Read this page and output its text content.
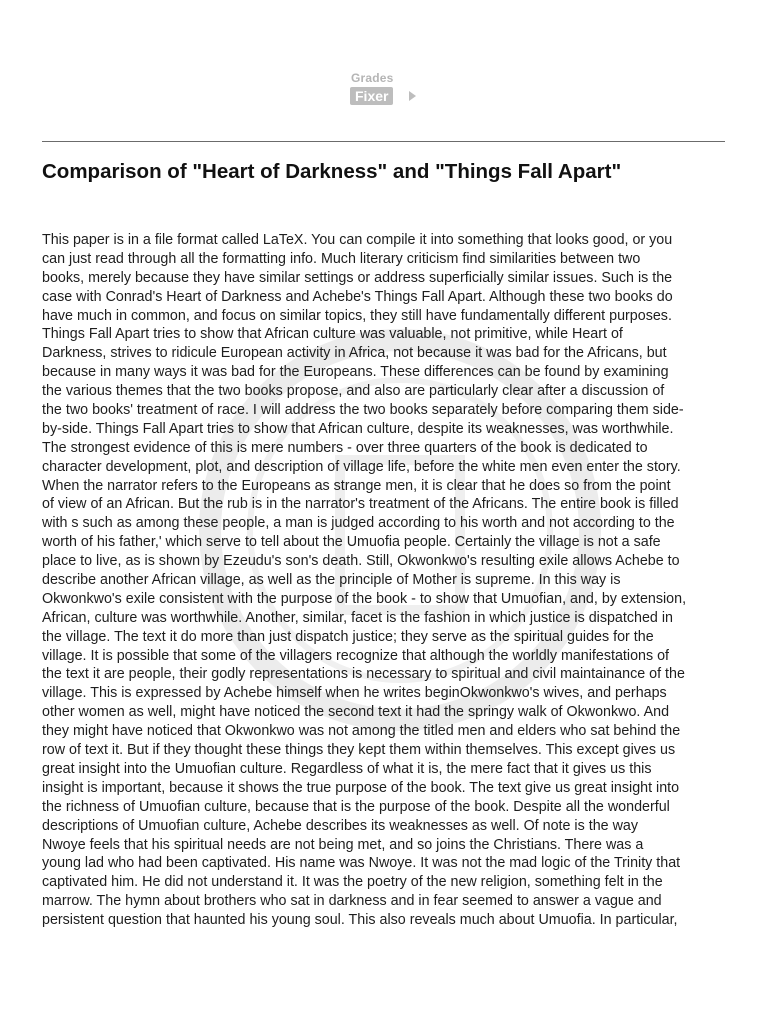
Grades
Fixer
Comparison of "Heart of Darkness" and "Things Fall Apart"
This paper is in a file format called LaTeX. You can compile it into something that looks good, or you
can just read through all the formatting info. Much literary criticism find similarities between two
books, merely because they have similar settings or address superficially similar issues. Such is the
case with Conrad's Heart of Darkness and Achebe's Things Fall Apart. Although these two books do
have much in common, and focus on similar topics, they still have fundamentally different purposes.
Things Fall Apart tries to show that African culture was valuable, not primitive, while Heart of
Darkness, strives to ridicule European activity in Africa, not because it was bad for the Africans, but
because in many ways it was bad for the Europeans. These differences can be found by examining
the various themes that the two books propose, and also are particularly clear after a discussion of
the two books' treatment of race. I will address the two books separately before comparing them side-
by-side. Things Fall Apart tries to show that African culture, despite its weaknesses, was worthwhile.
The strongest evidence of this is mere numbers - over three quarters of the book is dedicated to
character development, plot, and description of village life, before the white men even enter the story.
When the narrator refers to the Europeans as strange men, it is clear that he does so from the point
of view of an African. But the rub is in the narrator's treatment of the Africans. The entire book is filled
with s such as among these people, a man is judged according to his worth and not according to the
worth of his father,' which serve to tell about the Umuofia people. Certainly the village is not a safe
place to live, as is shown by Ezeudu's son's death. Still, Okwonkwo's resulting exile allows Achebe to
describe another African village, as well as the principle of Mother is supreme. In this way is
Okwonkwo's exile consistent with the purpose of the book - to show that Umuofian, and, by extension,
African, culture was worthwhile. Another, similar, facet is the fashion in which justice is dispatched in
the village. The text it do more than just dispatch justice; they serve as the spiritual guides for the
village. It is possible that some of the villagers recognize that although the worldly manifestations of
the text it are people, their godly representations is necessary to spiritual and civil maintainance of the
village. This is expressed by Achebe himself when he writes beginOkwonkwo's wives, and perhaps
other women as well, might have noticed the second text it had the springy walk of Okwonkwo. And
they might have noticed that Okwonkwo was not among the titled men and elders who sat behind the
row of text it. But if they thought these things they kept them within themselves. This except gives us
great insight into the Umuofian culture. Regardless of what it is, the mere fact that it gives us this
insight is important, because it shows the true purpose of the book. The text give us great insight into
the richness of Umuofian culture, because that is the purpose of the book. Despite all the wonderful
descriptions of Umuofian culture, Achebe describes its weaknesses as well. Of note is the way
Nwoye feels that his spiritual needs are not being met, and so joins the Christians. There was a
young lad who had been captivated. His name was Nwoye. It was not the mad logic of the Trinity that
captivated him. He did not understand it. It was the poetry of the new religion, something felt in the
marrow. The hymn about brothers who sat in darkness and in fear seemed to answer a vague and
persistent question that haunted his young soul. This also reveals much about Umuofia. In particular,
